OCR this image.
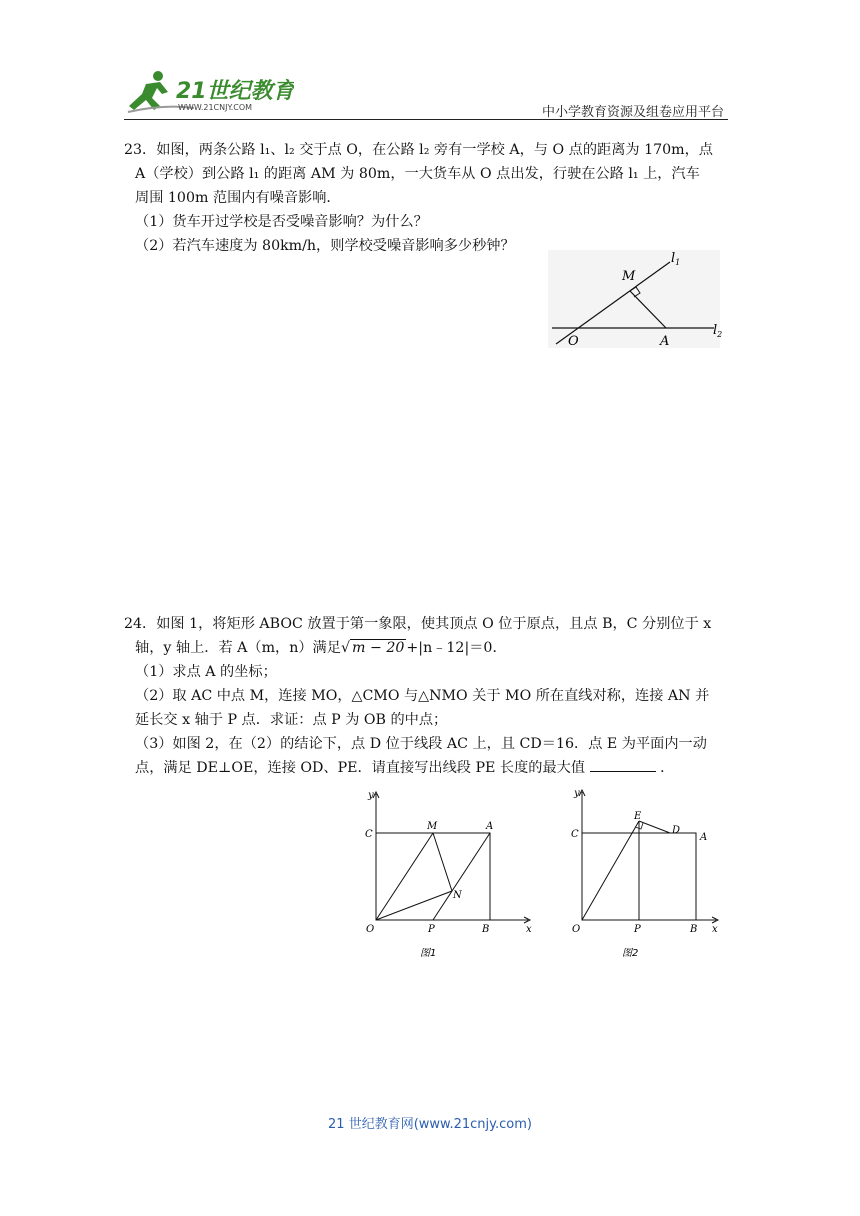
21世纪教育
WWW.21CNJY.COM	中小学教育资源及组卷应用平台

23．如图，两条公路 l₁、l₂ 交于点 O，在公路 l₂ 旁有一学校 A，与 O 点的距离为 170m，点

A（学校）到公路 l₁ 的距离 AM 为 80m，一大货车从 O 点出发，行驶在公路 l₁ 上，汽车

周围 100m 范围内有噪音影响．

（1）货车开过学校是否受噪音影响？为什么？

（2）若汽车速度为 80km/h，则学校受噪音影响多少秒钟？

$l_1$
$l_2$
M
O	A

24．如图 1，将矩形 ABOC 放置于第一象限，使其顶点 O 位于原点，且点 B，C 分别位于 x

轴，y 轴上．若 A（m，n）满足√ m − 20 +|n﹣12|＝0．

（1）求点 A 的坐标；

（2）取 AC 中点 M，连接 MO，△CMO 与△NMO 关于 MO 所在直线对称，连接 AN 并

延长交 x 轴于 P 点．求证：点 P 为 OB 的中点；

（3）如图 2，在（2）的结论下，点 D 位于线段 AC 上，且 CD＝16．点 E 为平面内一动

点，满足 DE⊥OE，连接 OD、PE．请直接写出线段 PE 长度的最大值	．

y
x
C
M	A
N
O	P	B
图1
y
x
C
E
D
A
O	P	B
图2
21 世纪教育网(www.21cnjy.com)
